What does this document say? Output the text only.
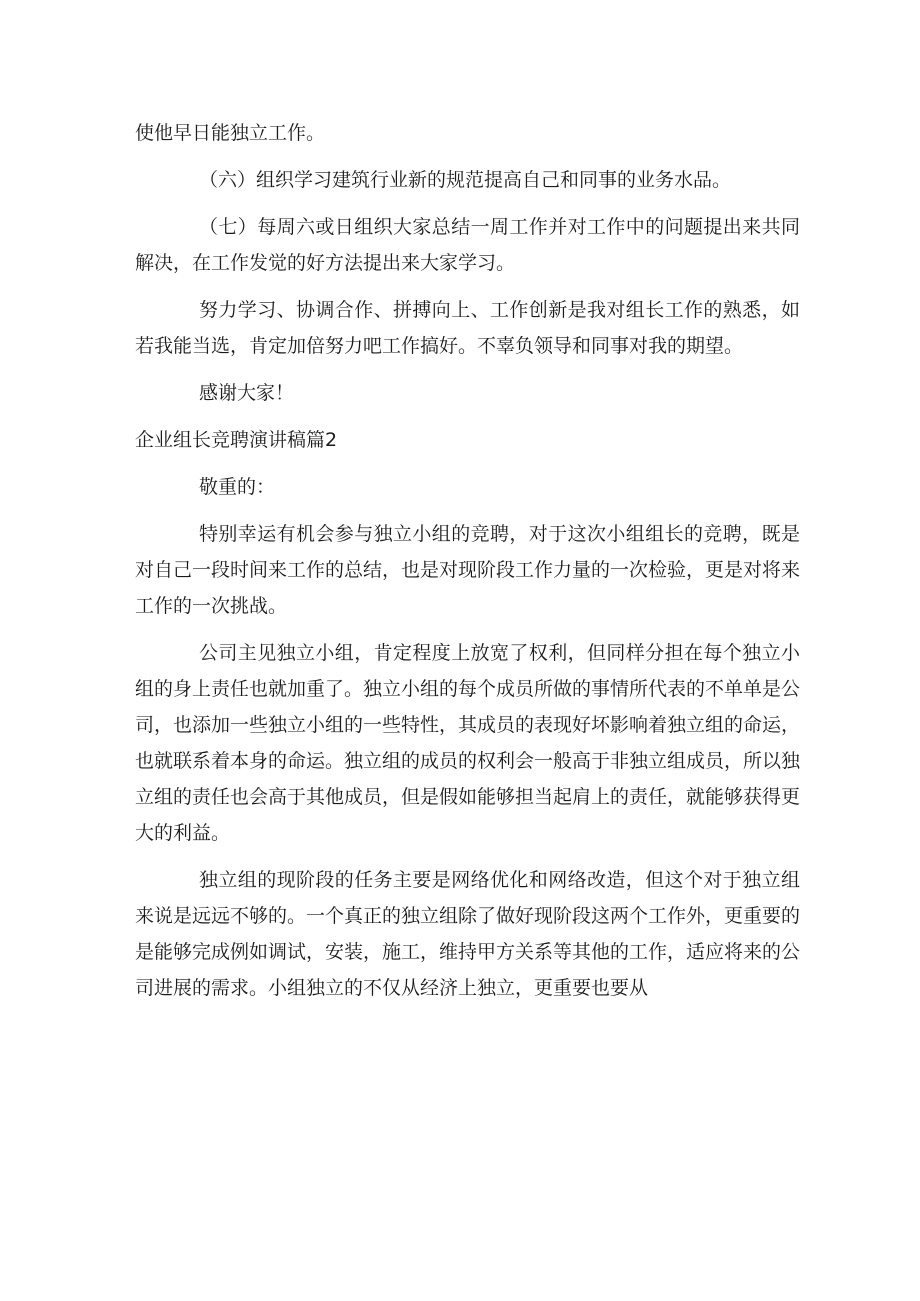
使他早日能独立工作。

（六）组织学习建筑行业新的规范提高自己和同事的业务水品。

（七）每周六或日组织大家总结一周工作并对工作中的问题提出来共同解决，在工作发觉的好方法提出来大家学习。

努力学习、协调合作、拼搏向上、工作创新是我对组长工作的熟悉，如若我能当选，肯定加倍努力吧工作搞好。不辜负领导和同事对我的期望。

感谢大家！

企业组长竞聘演讲稿篇2

敬重的：

特别幸运有机会参与独立小组的竞聘，对于这次小组组长的竞聘，既是对自己一段时间来工作的总结，也是对现阶段工作力量的一次检验，更是对将来工作的一次挑战。

公司主见独立小组，肯定程度上放宽了权利，但同样分担在每个独立小组的身上责任也就加重了。独立小组的每个成员所做的事情所代表的不单单是公司，也添加一些独立小组的一些特性，其成员的表现好坏影响着独立组的命运，也就联系着本身的命运。独立组的成员的权利会一般高于非独立组成员，所以独立组的责任也会高于其他成员，但是假如能够担当起肩上的责任，就能够获得更大的利益。

独立组的现阶段的任务主要是网络优化和网络改造，但这个对于独立组来说是远远不够的。一个真正的独立组除了做好现阶段这两个工作外，更重要的是能够完成例如调试，安装，施工，维持甲方关系等其他的工作，适应将来的公司进展的需求。小组独立的不仅从经济上独立，更重要也要从
